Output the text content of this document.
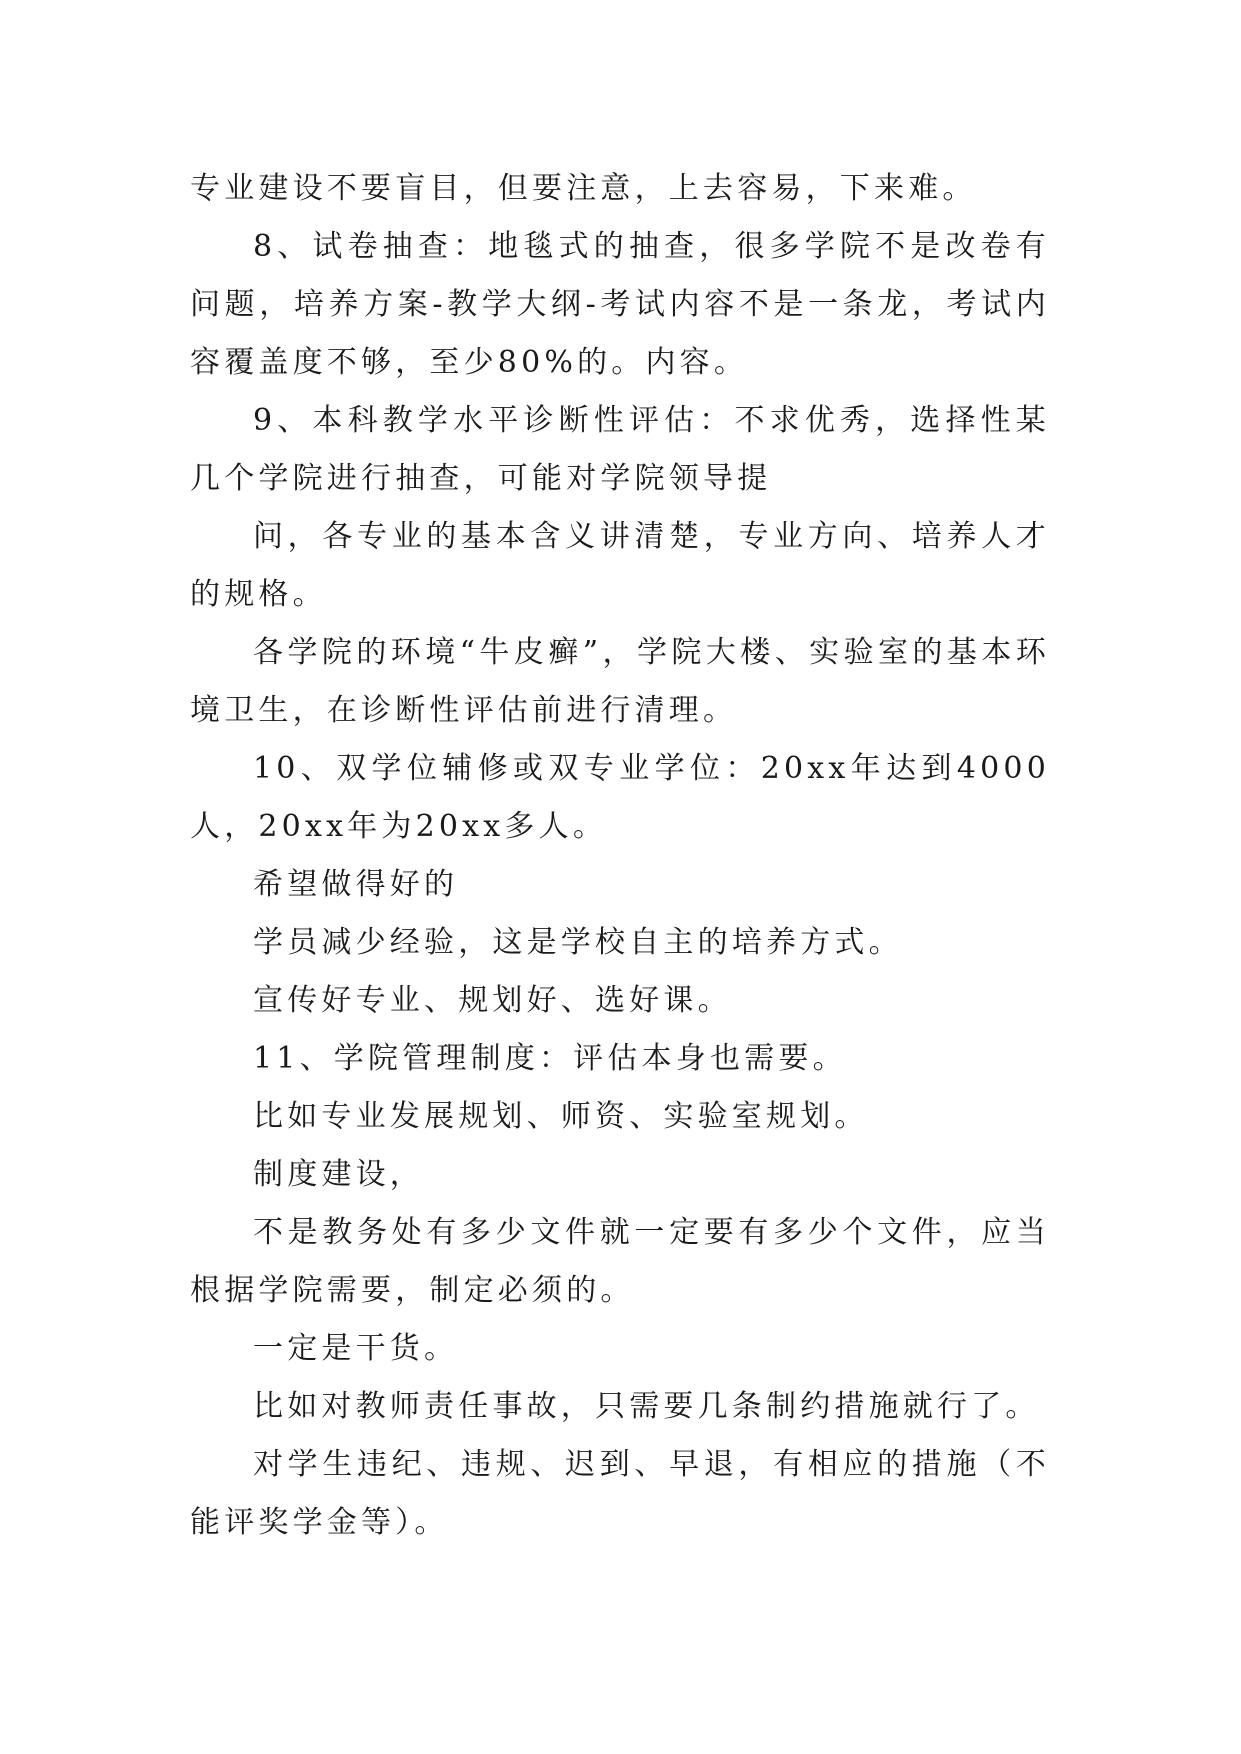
专业建设不要盲目，但要注意，上去容易，下来难。

8、试卷抽查：地毯式的抽查，很多学院不是改卷有问题，培养方案-教学大纲-考试内容不是一条龙，考试内容覆盖度不够，至少80%的。内容。

9、本科教学水平诊断性评估：不求优秀，选择性某几个学院进行抽查，可能对学院领导提

问，各专业的基本含义讲清楚，专业方向、培养人才的规格。

各学院的环境“牛皮癣”，学院大楼、实验室的基本环境卫生，在诊断性评估前进行清理。

10、双学位辅修或双专业学位：20xx年达到4000人，20xx年为20xx多人。

希望做得好的

学员减少经验，这是学校自主的培养方式。

宣传好专业、规划好、选好课。

11、学院管理制度：评估本身也需要。

比如专业发展规划、师资、实验室规划。

制度建设，

不是教务处有多少文件就一定要有多少个文件，应当根据学院需要，制定必须的。

一定是干货。

比如对教师责任事故，只需要几条制约措施就行了。

对学生违纪、违规、迟到、早退，有相应的措施（不能评奖学金等）。
